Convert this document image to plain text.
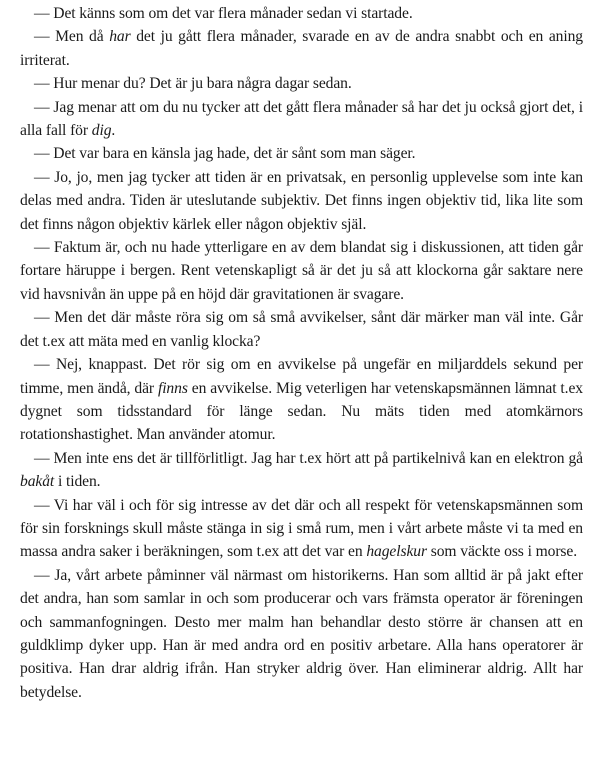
— Det känns som om det var flera månader sedan vi startade.

— Men då har det ju gått flera månader, svarade en av de andra snabbt och en aning irriterat.

— Hur menar du? Det är ju bara några dagar sedan.

— Jag menar att om du nu tycker att det gått flera månader så har det ju också gjort det, i alla fall för dig.

— Det var bara en känsla jag hade, det är sånt som man säger.

— Jo, jo, men jag tycker att tiden är en privatsak, en personlig upplevelse som inte kan delas med andra. Tiden är uteslutande subjektiv. Det finns ingen objektiv tid, lika lite som det finns någon objektiv kärlek eller någon objektiv själ.

— Faktum är, och nu hade ytterligare en av dem blandat sig i diskussionen, att tiden går fortare häruppe i bergen. Rent vetenskapligt så är det ju så att klockorna går saktare nere vid havsnivån än uppe på en höjd där gravitationen är svagare.

— Men det där måste röra sig om så små avvikelser, sånt där märker man väl inte. Går det t.ex att mäta med en vanlig klocka?

— Nej, knappast. Det rör sig om en avvikelse på ungefär en miljarddels sekund per timme, men ändå, där finns en avvikelse. Mig veterligen har vetenskapsmännen lämnat t.ex dygnet som tidsstandard för länge sedan. Nu mäts tiden med atomkärnors rotationshastighet. Man använder atomur.

— Men inte ens det är tillförlitligt. Jag har t.ex hört att på partikelnivå kan en elektron gå bakåt i tiden.

— Vi har väl i och för sig intresse av det där och all respekt för vetenskapsmännen som för sin forsknings skull måste stänga in sig i små rum, men i vårt arbete måste vi ta med en massa andra saker i beräkningen, som t.ex att det var en hagelskur som väckte oss i morse.

— Ja, vårt arbete påminner väl närmast om historikerns. Han som alltid är på jakt efter det andra, han som samlar in och som producerar och vars främsta operator är föreningen och sammanfogningen. Desto mer malm han behandlar desto större är chansen att en guldklimp dyker upp. Han är med andra ord en positiv arbetare. Alla hans operatorer är positiva. Han drar aldrig ifrån. Han stryker aldrig över. Han eliminerar aldrig. Allt har betydelse.
